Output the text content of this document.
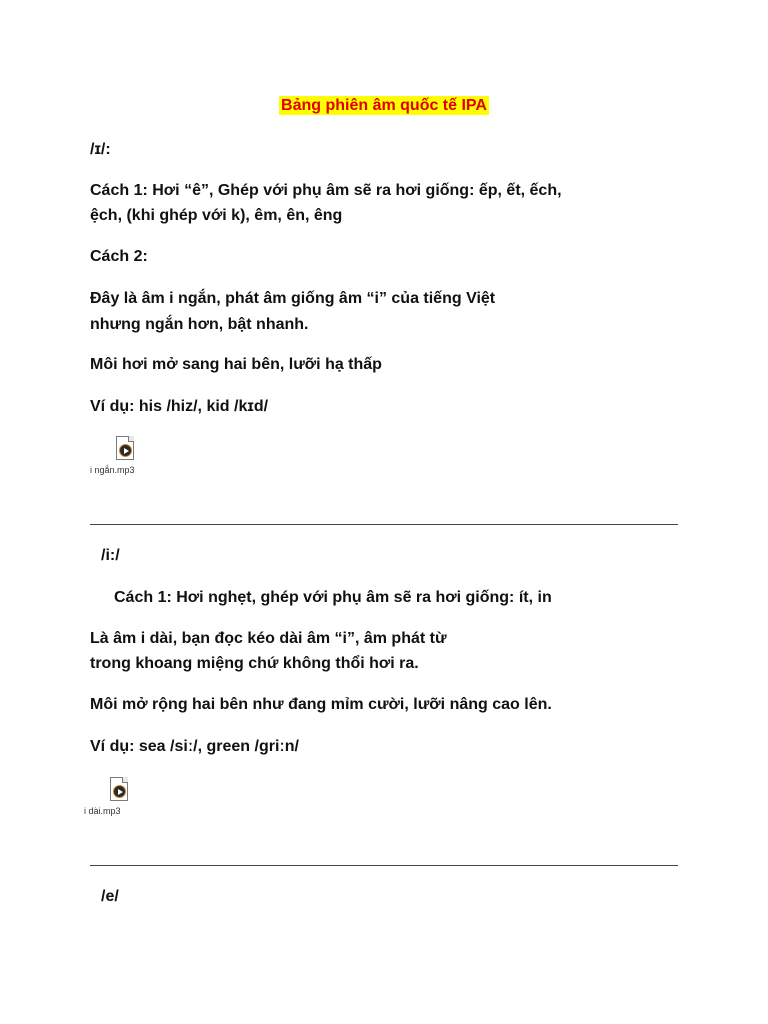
Bảng phiên âm quốc tế IPA
/ɪ/:
Cách 1: Hơi “ê”, Ghép với phụ âm sẽ ra hơi giống: ếp, ết, ếch,
ệch, (khi ghép với k), êm, ên, êng
Cách 2:
Đây là âm i ngắn, phát âm giống âm “i” của tiếng Việt
nhưng ngắn hơn, bật nhanh.
Môi hơi mở sang hai bên, lưỡi hạ thấp
Ví dụ: his /hiz/, kid /kɪd/
i ngắn.mp3
/i:/
Cách 1: Hơi nghẹt, ghép với phụ âm sẽ ra hơi giống: ít, in
Là âm i dài, bạn đọc kéo dài âm “i”, âm phát từ
trong khoang miệng chứ không thổi hơi ra.
Môi mở rộng hai bên như đang mỉm cười, lưỡi nâng cao lên.
Ví dụ: sea /siː/, green /ɡriːn/
i dài.mp3
/e/
